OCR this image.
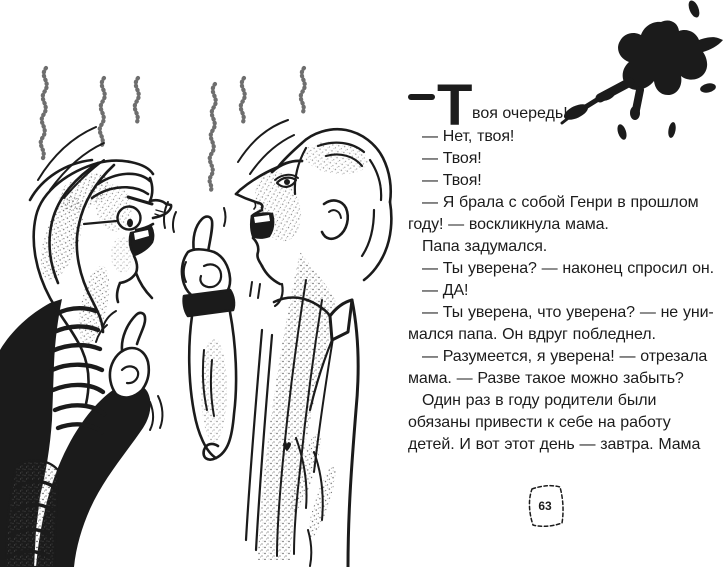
Т воя очередь!
— Нет, твоя!
— Твоя!
— Твоя!
— Я брала с собой Генри в прошлом
году! — воскликнула мама.
Папа задумался.
— Ты уверена? — наконец спросил он.
— ДА!
— Ты уверена, что уверена? — не уни-
мался папа. Он вдруг побледнел.
— Разумеется, я уверена! — отрезала
мама. — Разве такое можно забыть?
Один раз в году родители были
обязаны привести к себе на работу
детей. И вот этот день — завтра. Мама
63
